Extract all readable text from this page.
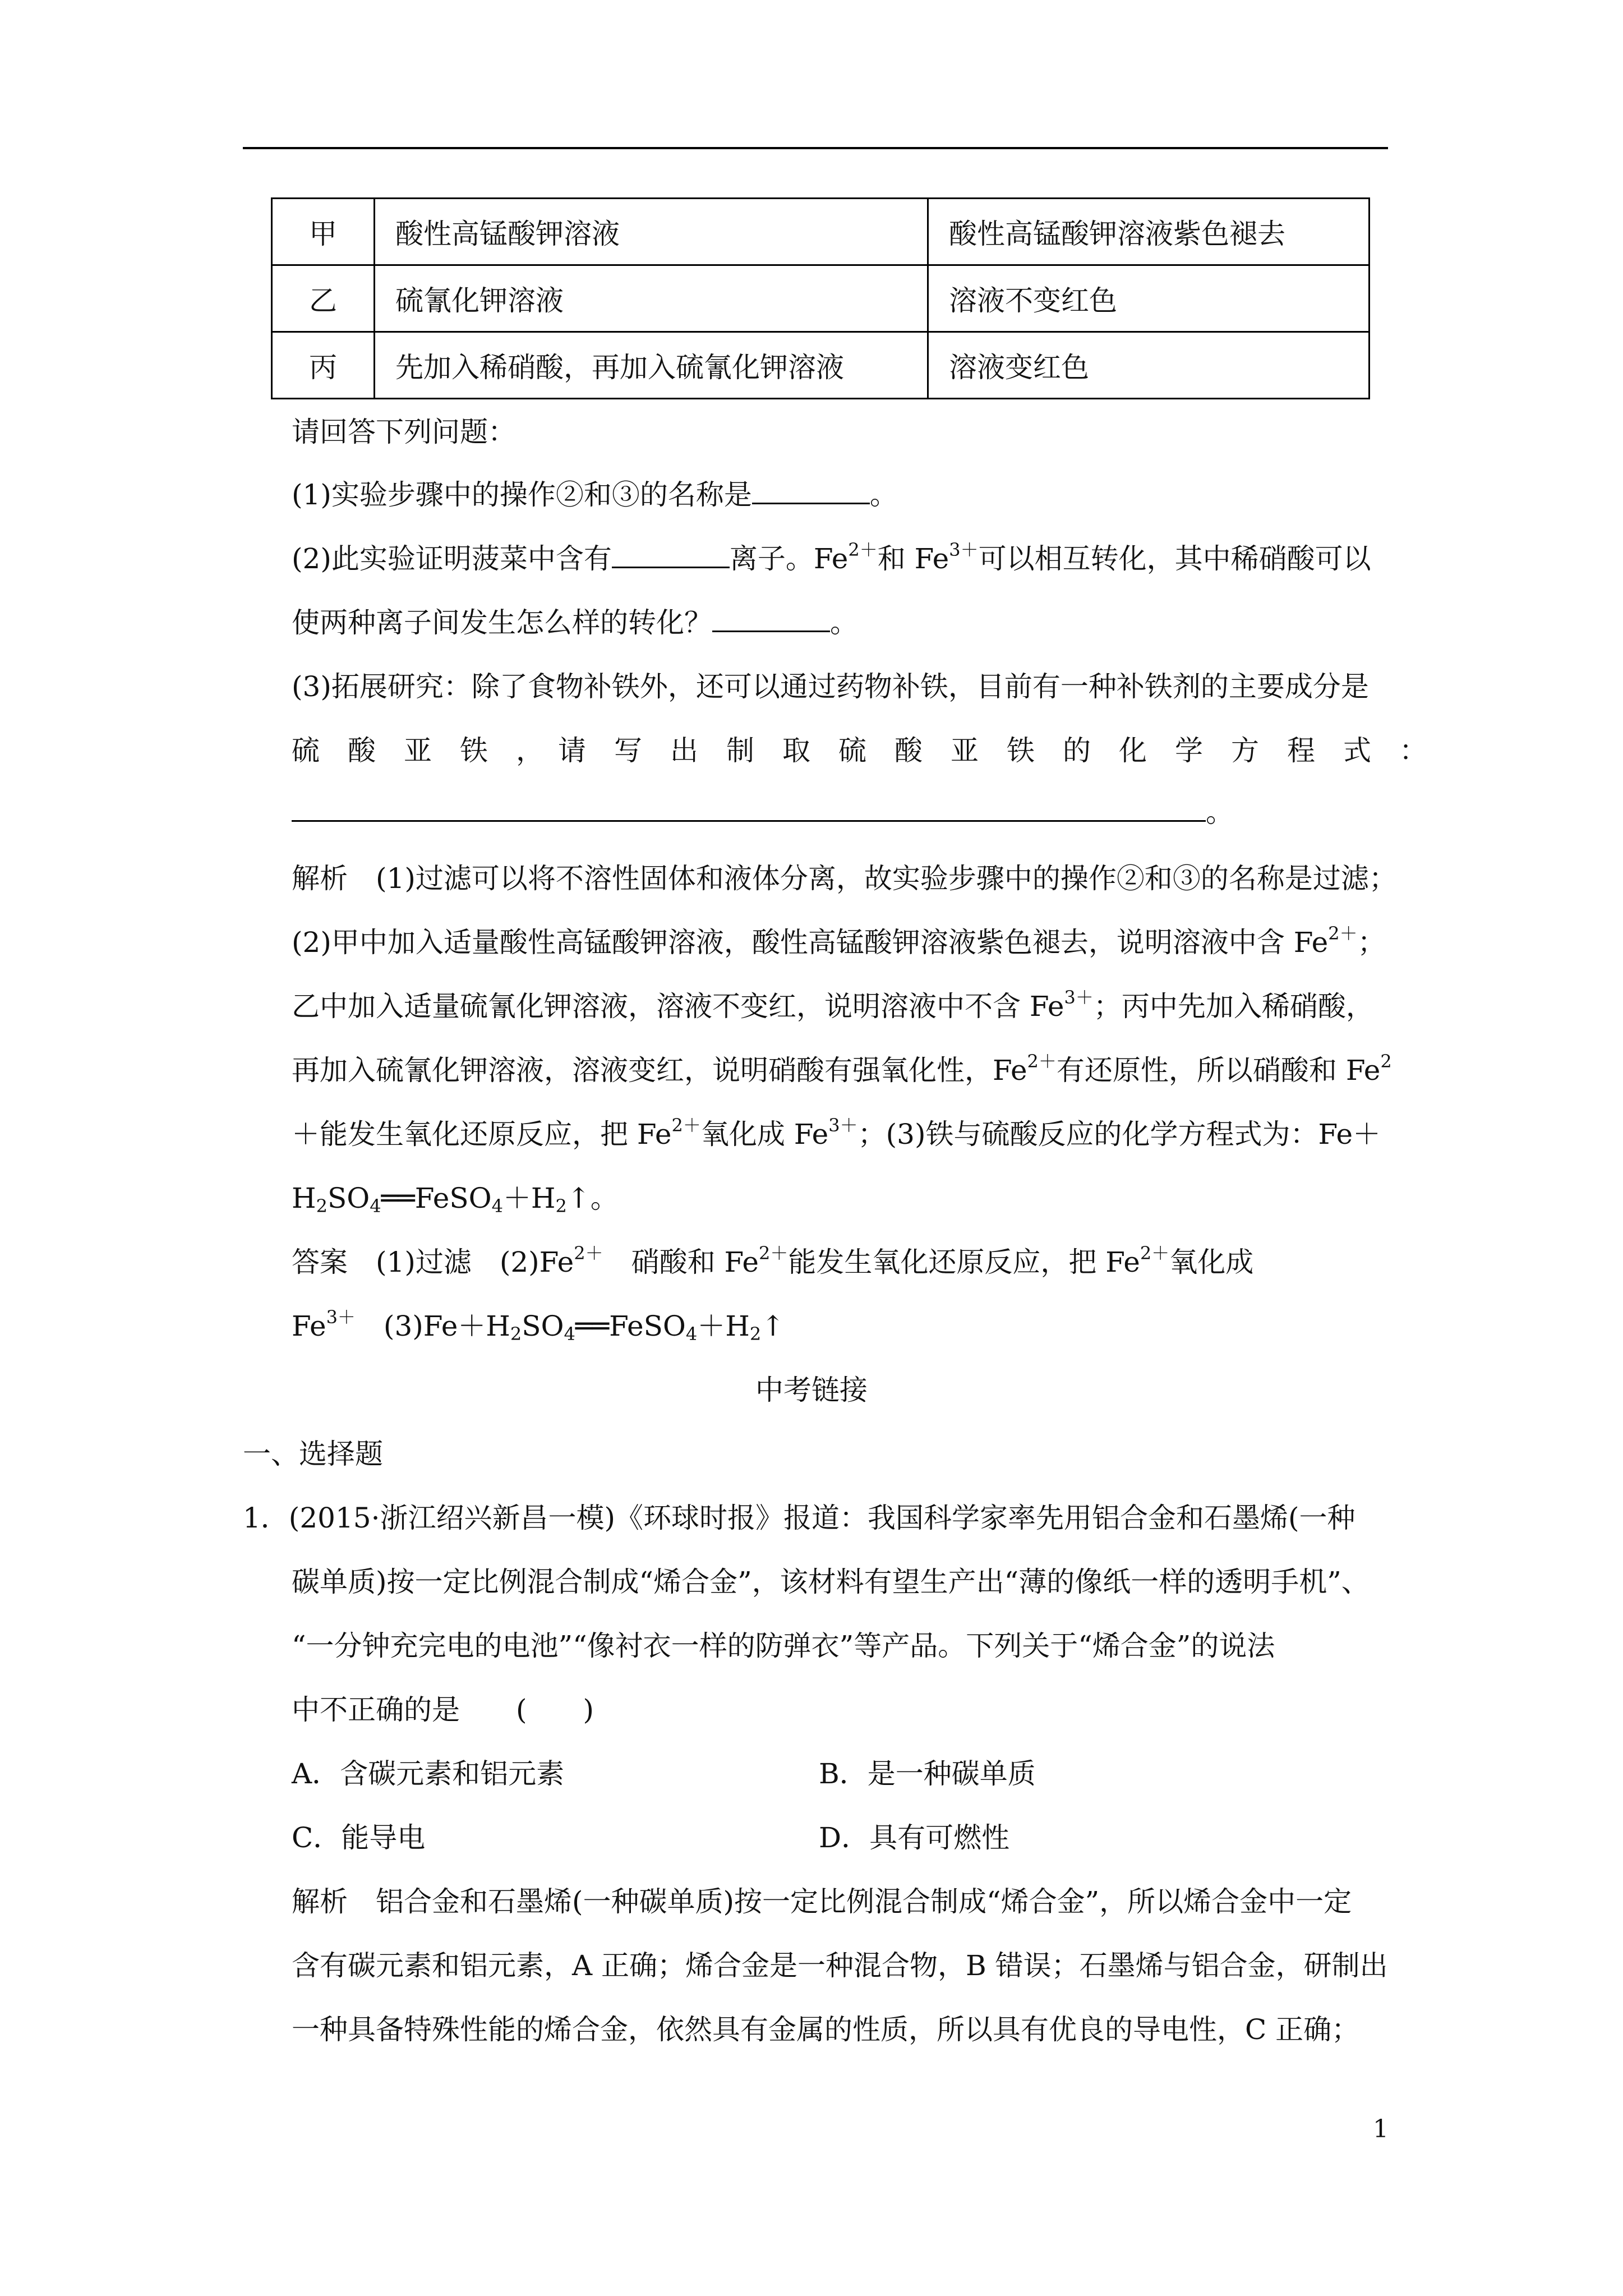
甲	酸性高锰酸钾溶液	酸性高锰酸钾溶液紫色褪去
乙	硫氰化钾溶液	溶液不变红色
丙	先加入稀硝酸，再加入硫氰化钾溶液	溶液变红色
请回答下列问题：
(1)实验步骤中的操作②和③的名称是	。
(2)此实验证明菠菜中含有	离子。$Fe^{2+}$和 $Fe^{3+}$可以相互转化，其中稀硝酸可以
使两种离子间发生怎么样的转化？	。
(3)拓展研究：除了食物补铁外，还可以通过药物补铁，目前有一种补铁剂的主要成分是
硫　酸　亚　铁　，　请　写　出　制　取　硫　酸　亚　铁　的　化　学　方　程　式　：
。
解析　(1)过滤可以将不溶性固体和液体分离，故实验步骤中的操作②和③的名称是过滤；
(2)甲中加入适量酸性高锰酸钾溶液，酸性高锰酸钾溶液紫色褪去，说明溶液中含 $Fe^{2+}$；
乙中加入适量硫氰化钾溶液，溶液不变红，说明溶液中不含 $Fe^{3+}$；丙中先加入稀硝酸，
再加入硫氰化钾溶液，溶液变红，说明硝酸有强氧化性，$Fe^{2+}$有还原性，所以硝酸和 $Fe^2$
＋能发生氧化还原反应，把 $Fe^{2+}$氧化成 $Fe^{3+}$；(3)铁与硫酸反应的化学方程式为：Fe＋
$H_2SO_4══FeSO_4+H_2↑$。
答案　(1)过滤　$(2)Fe^{2+}$　硝酸和 $Fe^{2+}$能发生氧化还原反应，把 $Fe^{2+}$氧化成
$Fe^{3+}$　$(3)Fe+H_2SO_4══FeSO_4+H_2↑$
中考链接
一、选择题
1．(2015·浙江绍兴新昌一模)《环球时报》报道：我国科学家率先用铝合金和石墨烯(一种
碳单质)按一定比例混合制成“烯合金”，该材料有望生产出“薄的像纸一样的透明手机”、
“一分钟充完电的电池”“像衬衣一样的防弹衣”等产品。下列关于“烯合金”的说法
中不正确的是　　(　　)
A．含碳元素和铝元素	B．是一种碳单质
C．能导电	D．具有可燃性
解析　铝合金和石墨烯(一种碳单质)按一定比例混合制成“烯合金”，所以烯合金中一定
含有碳元素和铝元素，A 正确；烯合金是一种混合物，B 错误；石墨烯与铝合金，研制出
一种具备特殊性能的烯合金，依然具有金属的性质，所以具有优良的导电性，C 正确；
1
